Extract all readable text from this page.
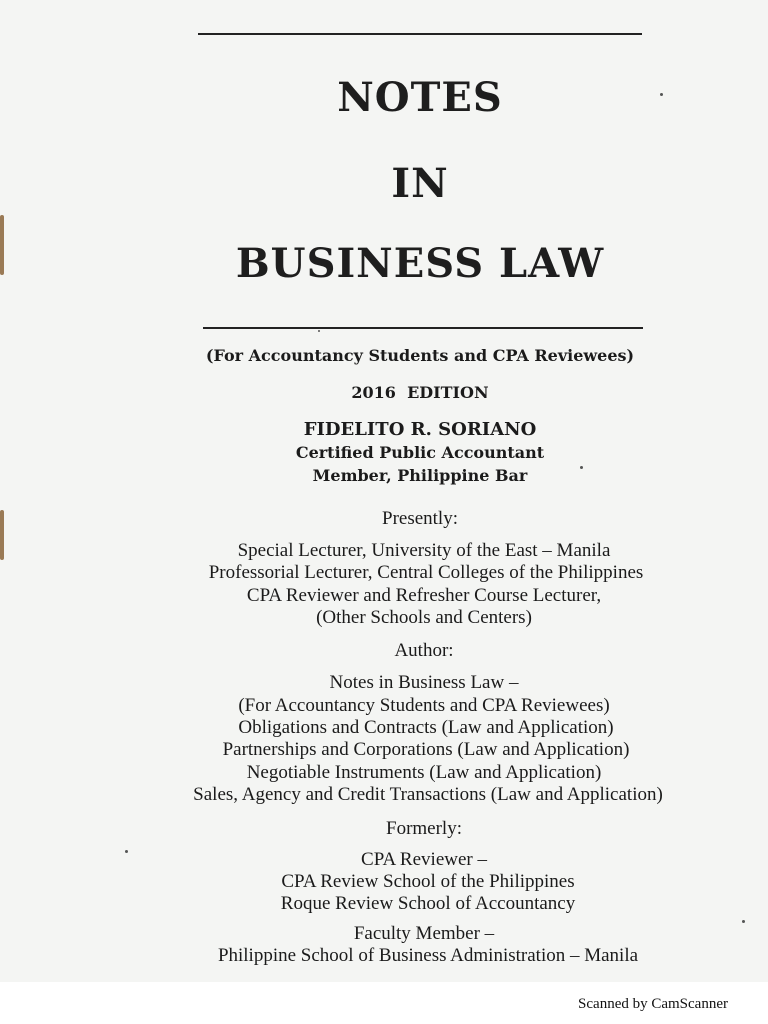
NOTES
IN
BUSINESS LAW
(For Accountancy Students and CPA Reviewees)
2016  EDITION
FIDELITO R. SORIANO
Certified Public Accountant
Member, Philippine Bar
Presently:
Special Lecturer, University of the East – Manila
Professorial Lecturer, Central Colleges of the Philippines
CPA Reviewer and Refresher Course Lecturer,
(Other Schools and Centers)
Author:
Notes in Business Law –
(For Accountancy Students and CPA Reviewees)
Obligations and Contracts (Law and Application)
Partnerships and Corporations (Law and Application)
Negotiable Instruments (Law and Application)
Sales, Agency and Credit Transactions (Law and Application)
Formerly:
CPA Reviewer –
CPA Review School of the Philippines
Roque Review School of Accountancy
Faculty Member –
Philippine School of Business Administration – Manila
Scanned by CamScanner
